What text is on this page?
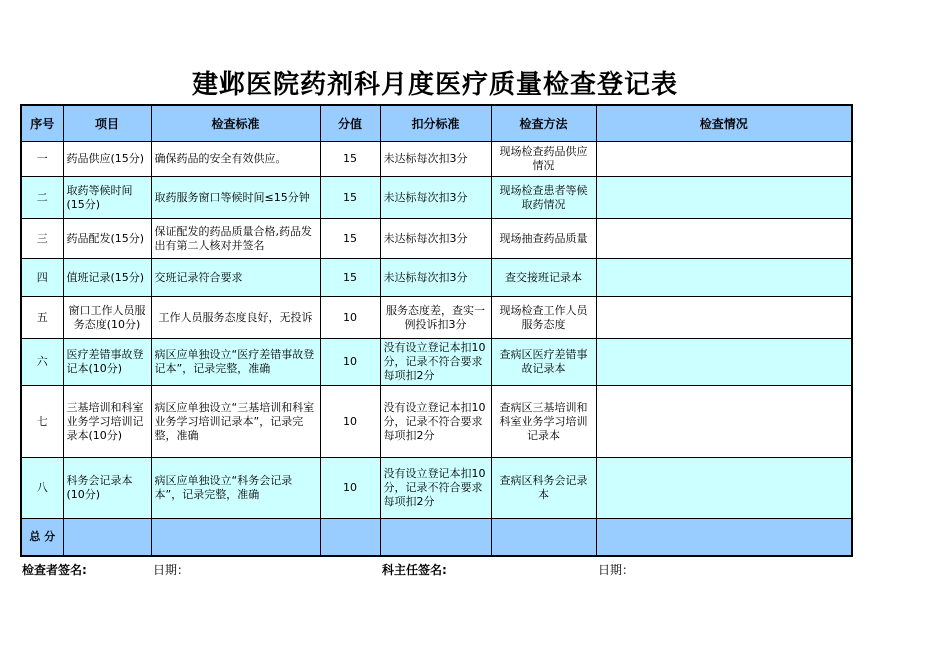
建邺医院药剂科月度医疗质量检查登记表
序号	项目	检查标准	分值	扣分标准	检查方法	检查情况
一	药品供应(15分)	确保药品的安全有效供应。	15	未达标每次扣3分	现场检查药品供应情况	
二	取药等候时间(15分)	取药服务窗口等候时间≤15分钟	15	未达标每次扣3分	现场检查患者等候取药情况	
三	药品配发(15分)	保证配发的药品质量合格,药品发出有第二人核对并签名	15	未达标每次扣3分	现场抽查药品质量	
四	值班记录(15分)	交班记录符合要求	15	未达标每次扣3分	查交接班记录本	
五	窗口工作人员服务态度(10分)	工作人员服务态度良好，无投诉	10	服务态度差，查实一例投诉扣3分	现场检查工作人员服务态度	
六	医疗差错事故登记本(10分)	病区应单独设立“医疗差错事故登记本”，记录完整，准确	10	没有设立登记本扣10分，记录不符合要求每项扣2分	查病区医疗差错事故记录本	
七	三基培训和科室业务学习培训记录本(10分)	病区应单独设立“三基培训和科室业务学习培训记录本”，记录完整，准确	10	没有设立登记本扣10分，记录不符合要求每项扣2分	查病区三基培训和科室业务学习培训记录本	
八	科务会记录本(10分)	病区应单独设立“科务会记录本”，记录完整，准确	10	没有设立登记本扣10分，记录不符合要求每项扣2分	查病区科务会记录本	
总 分						
检查者签名:	日期：	科主任签名:	日期：
